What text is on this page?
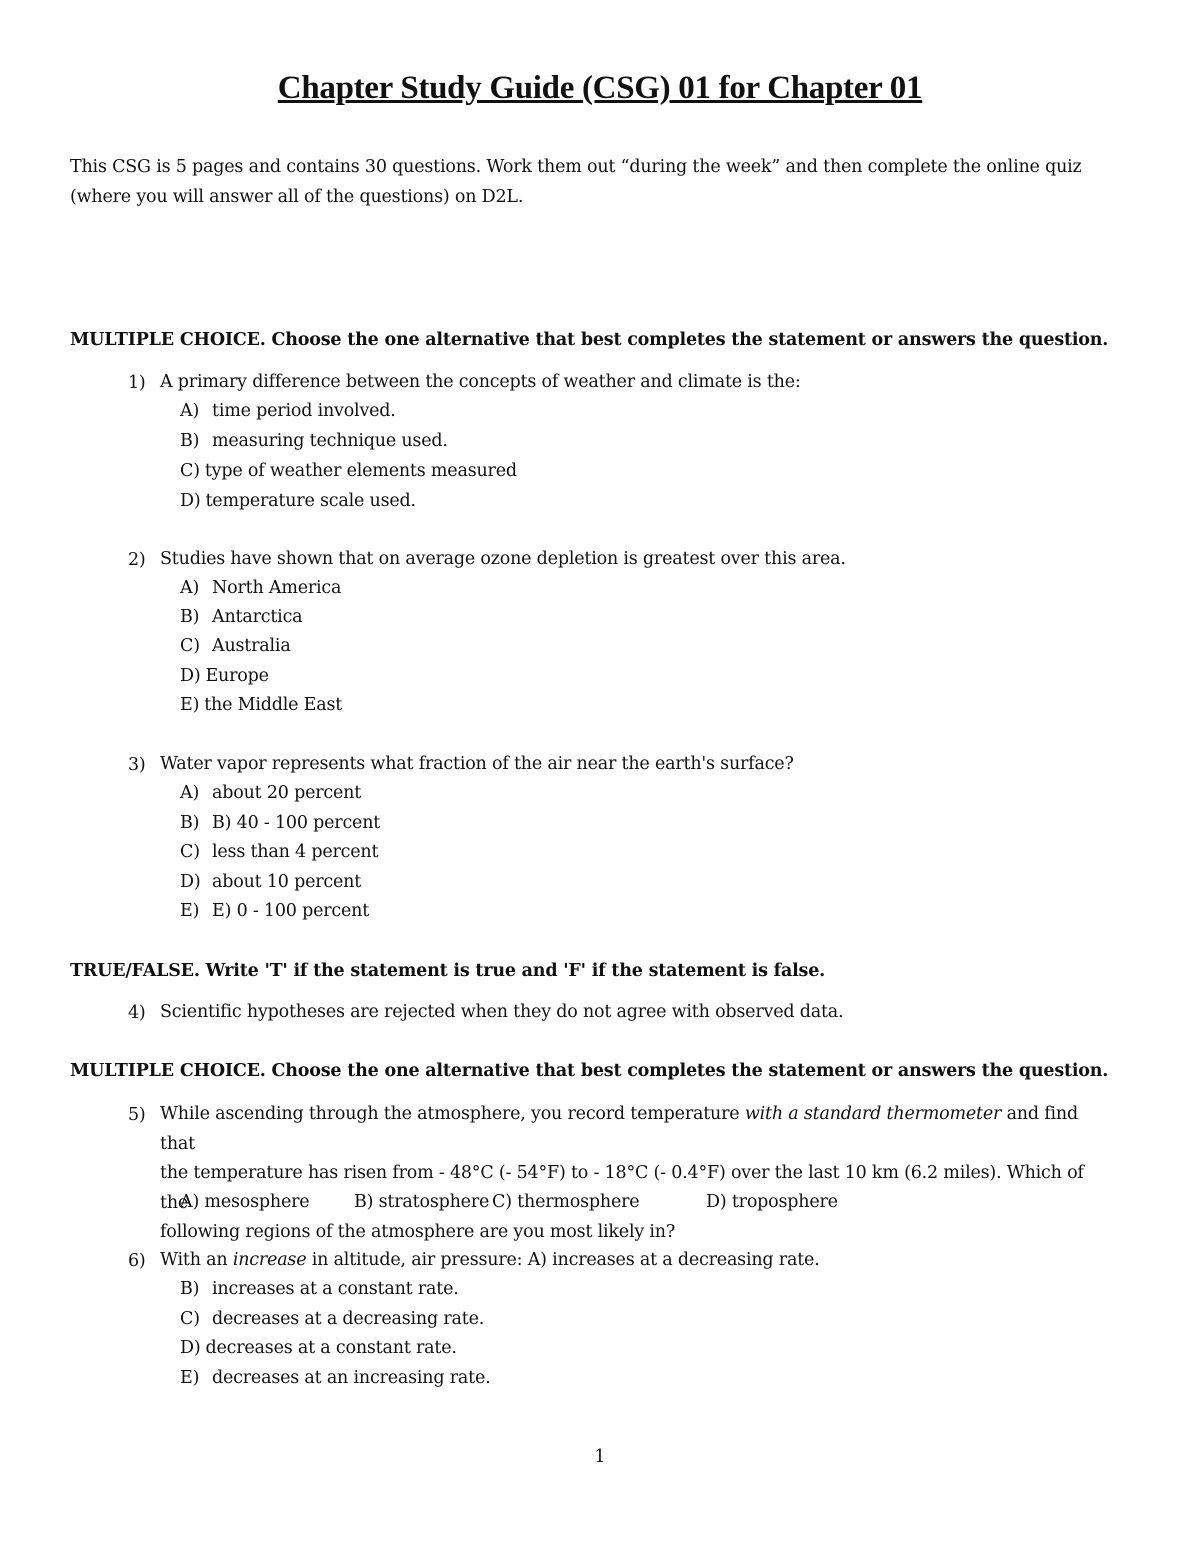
Chapter Study Guide (CSG) 01 for Chapter 01
This CSG is 5 pages and contains 30 questions. Work them out “during the week” and then complete the online quiz
(where you will answer all of the questions) on D2L.
MULTIPLE CHOICE. Choose the one alternative that best completes the statement or answers the question.
1) A primary difference between the concepts of weather and climate is the:
A) time period involved.
B) measuring technique used.
C) type of weather elements measured
D) temperature scale used.
2) Studies have shown that on average ozone depletion is greatest over this area.
A) North America
B) Antarctica
C) Australia
D) Europe
E) the Middle East
3) Water vapor represents what fraction of the air near the earth's surface?
A) about 20 percent
B) B) 40 - 100 percent
C) less than 4 percent
D) about 10 percent
E) E) 0 - 100 percent
TRUE/FALSE. Write 'T' if the statement is true and 'F' if the statement is false.
4) Scientific hypotheses are rejected when they do not agree with observed data.
MULTIPLE CHOICE. Choose the one alternative that best completes the statement or answers the question.
5) While ascending through the atmosphere, you record temperature with a standard thermometer and find that
the temperature has risen from - 48°C (- 54°F) to - 18°C (- 0.4°F) over the last 10 km (6.2 miles). Which of the
following regions of the atmosphere are you most likely in?
A) mesosphere	B) stratosphere C) thermosphere	D) troposphere
6) With an increase in altitude, air pressure: A) increases at a decreasing rate.
B) increases at a constant rate.
C) decreases at a decreasing rate.
D) decreases at a constant rate.
E) decreases at an increasing rate.
1
